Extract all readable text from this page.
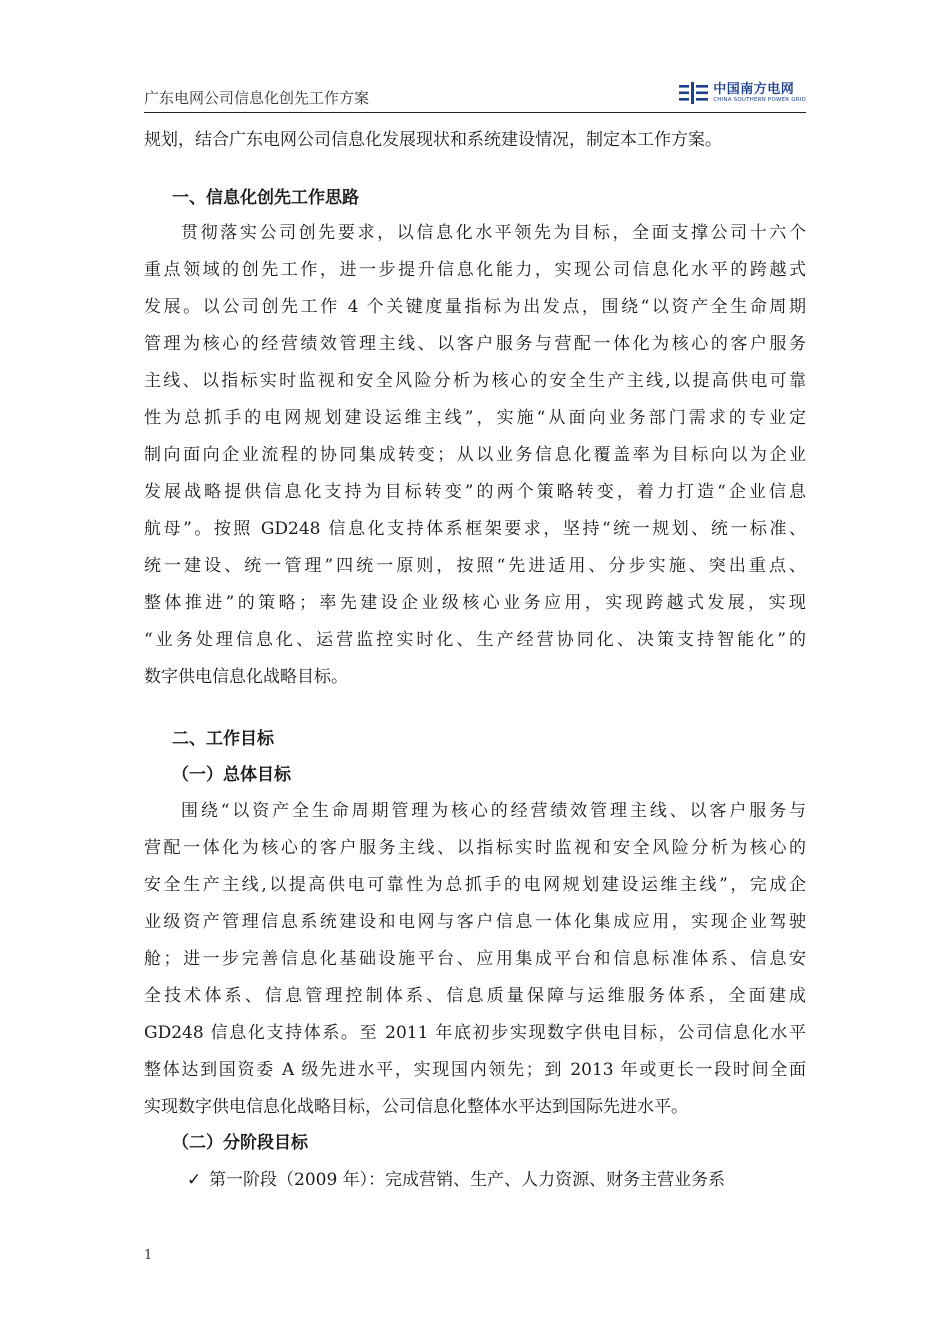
广东电网公司信息化创先工作方案	中国南方电网
CHINA SOUTHERN POWER GRID
规划，结合广东电网公司信息化发展现状和系统建设情况，制定本工作方案。
一、信息化创先工作思路
贯彻落实公司创先要求，以信息化水平领先为目标，全面支撑公司十六个
重点领域的创先工作，进一步提升信息化能力，实现公司信息化水平的跨越式
发展。以公司创先工作 4 个关键度量指标为出发点，围绕“以资产全生命周期
管理为核心的经营绩效管理主线、以客户服务与营配一体化为核心的客户服务
主线、以指标实时监视和安全风险分析为核心的安全生产主线,以提高供电可靠
性为总抓手的电网规划建设运维主线”，实施“从面向业务部门需求的专业定
制向面向企业流程的协同集成转变；从以业务信息化覆盖率为目标向以为企业
发展战略提供信息化支持为目标转变”的两个策略转变，着力打造“企业信息
航母”。按照 GD248 信息化支持体系框架要求，坚持“统一规划、统一标准、
统一建设、统一管理”四统一原则，按照“先进适用、分步实施、突出重点、
整体推进”的策略；率先建设企业级核心业务应用，实现跨越式发展，实现
“业务处理信息化、运营监控实时化、生产经营协同化、决策支持智能化”的
数字供电信息化战略目标。
二、工作目标
（一）总体目标
围绕“以资产全生命周期管理为核心的经营绩效管理主线、以客户服务与
营配一体化为核心的客户服务主线、以指标实时监视和安全风险分析为核心的
安全生产主线,以提高供电可靠性为总抓手的电网规划建设运维主线”，完成企
业级资产管理信息系统建设和电网与客户信息一体化集成应用，实现企业驾驶
舱；进一步完善信息化基础设施平台、应用集成平台和信息标准体系、信息安
全技术体系、信息管理控制体系、信息质量保障与运维服务体系，全面建成
GD248 信息化支持体系。至 2011 年底初步实现数字供电目标，公司信息化水平
整体达到国资委 A 级先进水平，实现国内领先；到 2013 年或更长一段时间全面
实现数字供电信息化战略目标，公司信息化整体水平达到国际先进水平。
（二）分阶段目标
✓ 第一阶段（2009 年）：完成营销、生产、人力资源、财务主营业务系
1
